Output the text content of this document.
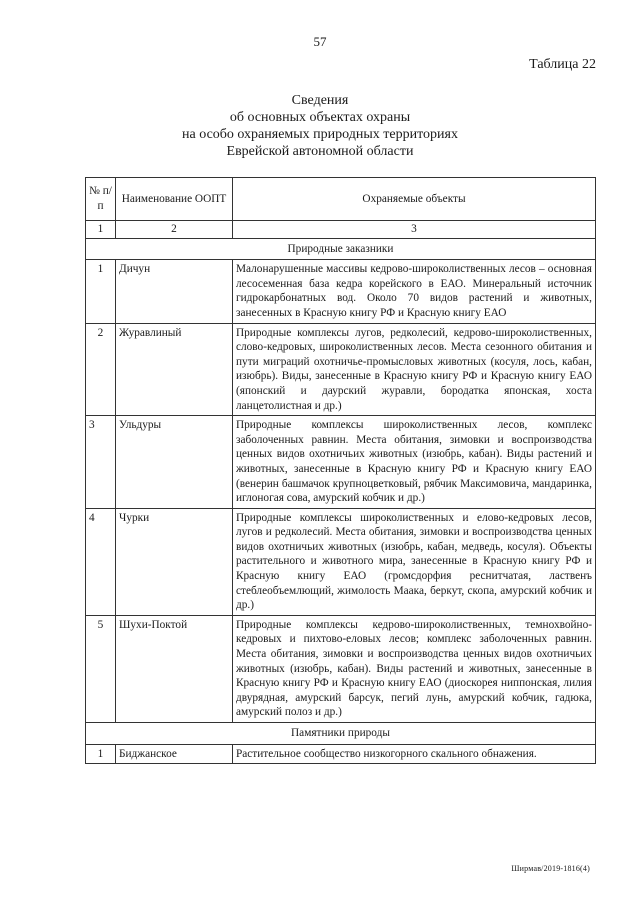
57
Таблица 22
Сведения
об основных объектах охраны
на особо охраняемых природных территориях
Еврейской автономной области
№ п/п	Наименование ООПТ	Охраняемые объекты
1	2	3
Природные заказники		
1	Дичун	Малонарушенные массивы кедрово-широколиственных лесов – основная лесосеменная база кедра корейского в ЕАО. Минеральный источник гидрокарбонатных вод. Около 70 видов растений и животных, занесенных в Красную книгу РФ и Красную книгу ЕАО
2	Журавлиный	Природные комплексы лугов, редколесий, кедрово-широколиственных, слово-кедровых, широколиственных лесов. Места сезонного обитания и пути миграций охотничье-промысловых животных (косуля, лось, кабан, изюбрь). Виды, занесенные в Красную книгу РФ и Красную книгу ЕАО (японский и даурский журавли, бородатка японская, хоста ланцетолистная и др.)
3	Ульдуры	Природные комплексы широколиственных лесов, комплекс заболоченных равнин. Места обитания, зимовки и воспроизводства ценных видов охотничьих животных (изюбрь, кабан). Виды растений и животных, занесенные в Красную книгу РФ и Красную книгу ЕАО (венерин башмачок крупноцветковый, рябчик Максимовича, мандаринка, иглоногая сова, амурский кобчик и др.)
4	Чурки	Природные комплексы широколиственных и елово-кедровых лесов, лугов и редколесий. Места обитания, зимовки и воспроизводства ценных видов охотничьих животных (изюбрь, кабан, медведь, косуля). Объекты растительного и животного мира, занесенные в Красную книгу РФ и Красную книгу ЕАО (громсдорфия реснитчатая, лаственъ стеблеобъемлющий, жимолость Маака, беркут, скопа, амурский кобчик и др.)
5	Шухи-Поктой	Природные комплексы кедрово-широколиственных, темнохвойно-кедровых и пихтово-еловых лесов; комплекс заболоченных равнин. Места обитания, зимовки и воспроизводства ценных видов охотничьих животных (изюбрь, кабан). Виды растений и животных, занесенные в Красную книгу РФ и Красную книгу ЕАО (диоскорея ниппонская, лилия двурядная, амурский барсук, пегий лунь, амурский кобчик, гадюка, амурский полоз и др.)
Памятники природы		
1	Биджанское	Растительное сообщество низкогорного скального обнажения.
Ширмав/2019-1816(4)
